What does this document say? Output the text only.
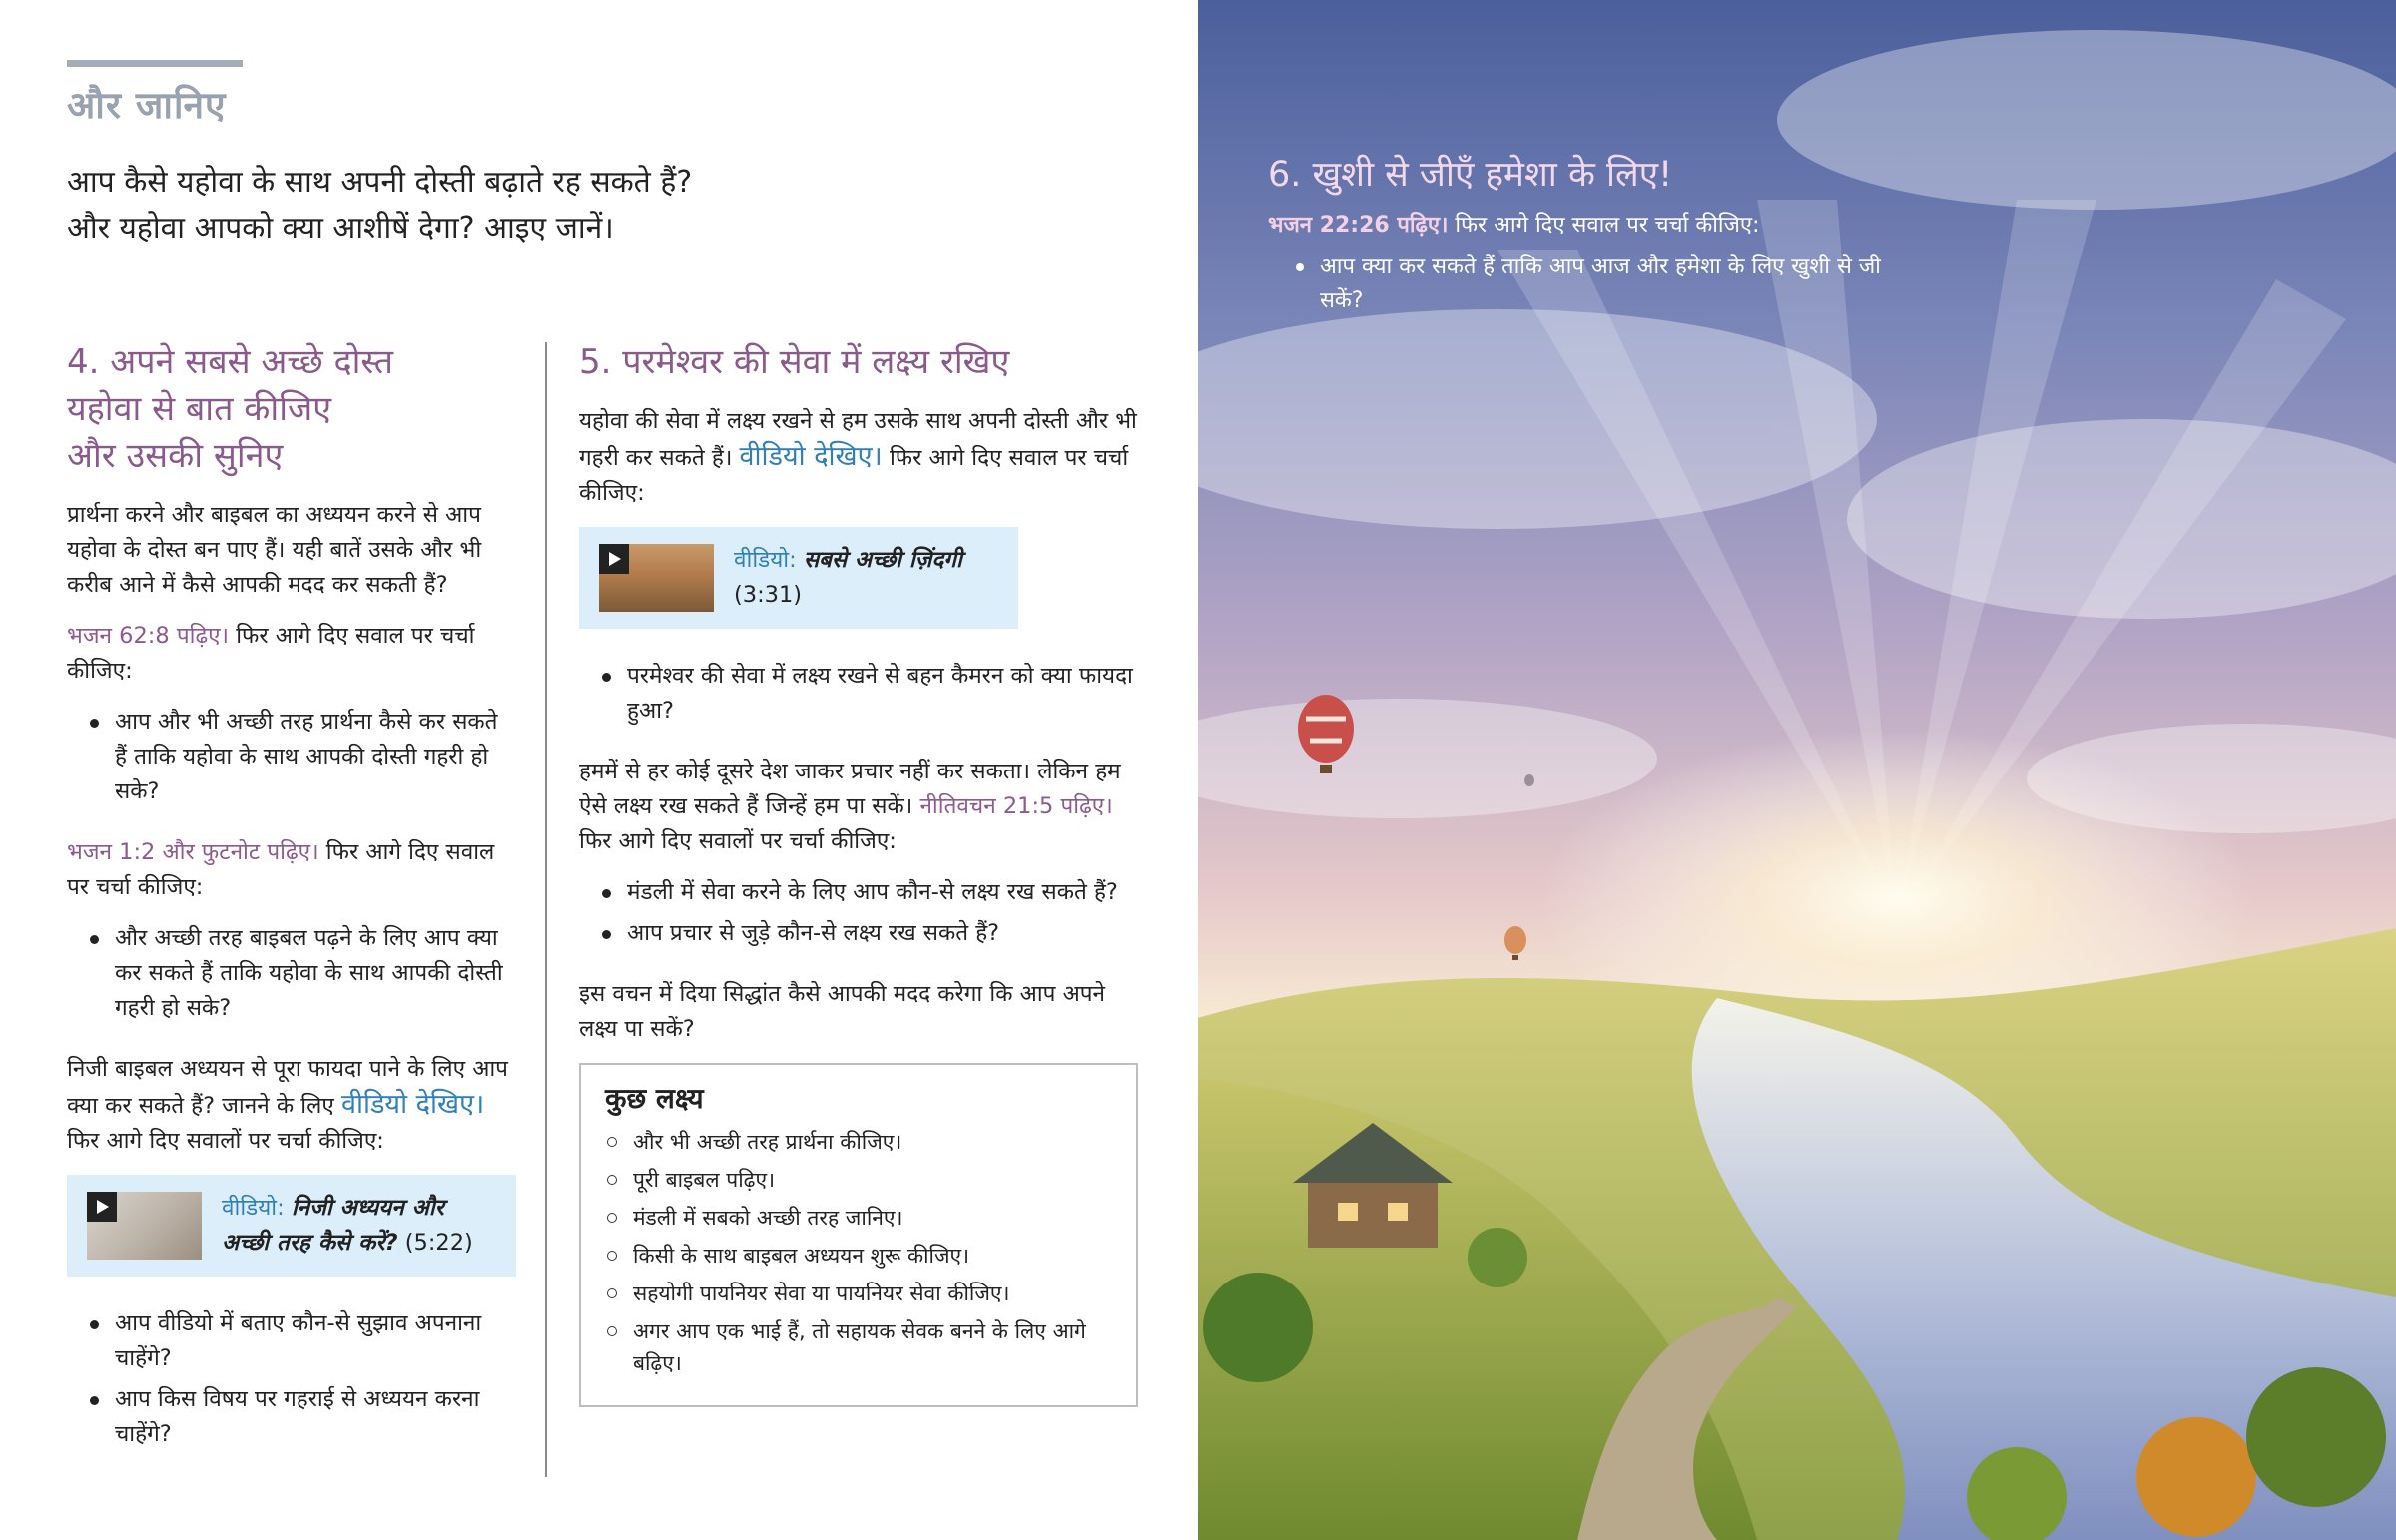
और जानिए
आप कैसे यहोवा के साथ अपनी दोस्ती बढ़ाते रह सकते हैं?
और यहोवा आपको क्या आशीषें देगा? आइए जानें।
4. अपने सबसे अच्छे दोस्त
यहोवा से बात कीजिए
और उसकी सुनिए

प्रार्थना करने और बाइबल का अध्ययन करने से आप यहोवा के दोस्त बन पाए हैं। यही बातें उसके और भी करीब आने में कैसे आपकी मदद कर सकती हैं?

भजन 62:8 पढ़िए। फिर आगे दिए सवाल पर चर्चा कीजिए:

आप और भी अच्छी तरह प्रार्थना कैसे कर सकते हैं ताकि यहोवा के साथ आपकी दोस्ती गहरी हो सके?

भजन 1:2 और फुटनोट पढ़िए। फिर आगे दिए सवाल पर चर्चा कीजिए:

और अच्छी तरह बाइबल पढ़ने के लिए आप क्या कर सकते हैं ताकि यहोवा के साथ आपकी दोस्ती गहरी हो सके?

निजी बाइबल अध्ययन से पूरा फायदा पाने के लिए आप क्या कर सकते हैं? जानने के लिए वीडियो देखिए। फिर आगे दिए सवालों पर चर्चा कीजिए:

वीडियो: निजी अध्ययन और अच्छी तरह कैसे करें? (5:22)
आप वीडियो में बताए कौन-से सुझाव अपनाना चाहेंगे?
आप किस विषय पर गहराई से अध्ययन करना चाहेंगे?
5. परमेश्‍वर की सेवा में लक्ष्य रखिए

यहोवा की सेवा में लक्ष्य रखने से हम उसके साथ अपनी दोस्ती और भी गहरी कर सकते हैं। वीडियो देखिए। फिर आगे दिए सवाल पर चर्चा कीजिए:

वीडियो: सबसे अच्छी ज़िंदगी
(3:31)
परमेश्‍वर की सेवा में लक्ष्य रखने से बहन कैमरन को क्या फायदा हुआ?

हममें से हर कोई दूसरे देश जाकर प्रचार नहीं कर सकता। लेकिन हम ऐसे लक्ष्य रख सकते हैं जिन्हें हम पा सकें। नीतिवचन 21:5 पढ़िए। फिर आगे दिए सवालों पर चर्चा कीजिए:

मंडली में सेवा करने के लिए आप कौन-से लक्ष्य रख सकते हैं?
आप प्रचार से जुड़े कौन-से लक्ष्य रख सकते हैं?

इस वचन में दिया सिद्धांत कैसे आपकी मदद करेगा कि आप अपने लक्ष्य पा सकें?

कुछ लक्ष्य
और भी अच्छी तरह प्रार्थना कीजिए।
पूरी बाइबल पढ़िए।
मंडली में सबको अच्छी तरह जानिए।
किसी के साथ बाइबल अध्ययन शुरू कीजिए।
सहयोगी पायनियर सेवा या पायनियर सेवा कीजिए।
अगर आप एक भाई हैं, तो सहायक सेवक बनने के लिए आगे बढ़िए।
6. खुशी से जीएँ हमेशा के लिए!

भजन 22:26 पढ़िए। फिर आगे दिए सवाल पर चर्चा कीजिए:

आप क्या कर सकते हैं ताकि आप आज और हमेशा के लिए खुशी से जी सकें?
